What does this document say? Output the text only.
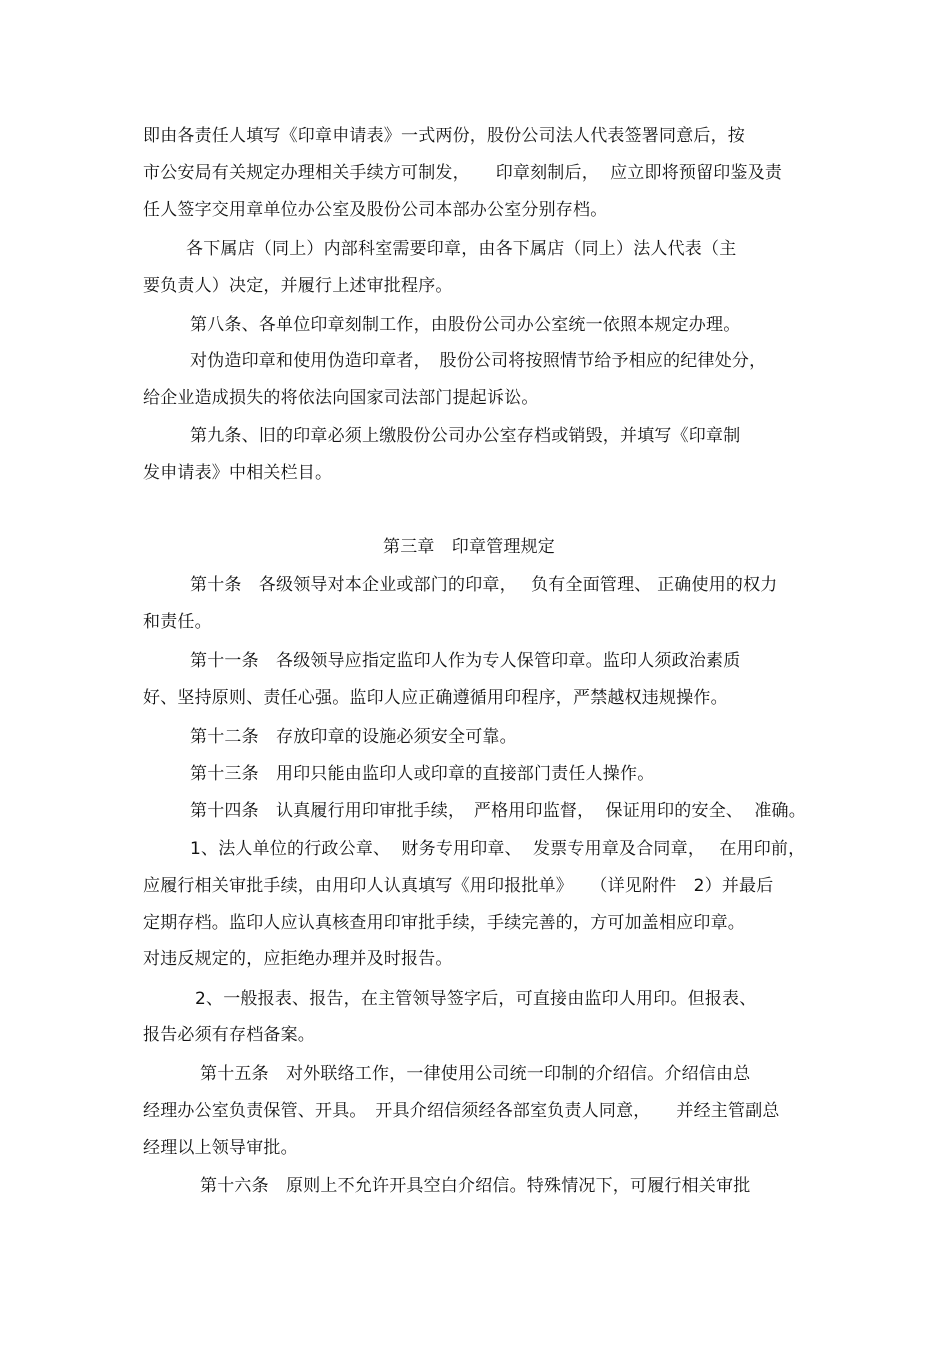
即由各责任人填写《印章申请表》一式两份，股份公司法人代表签署同意后，按
市公安局有关规定办理相关手续方可制发，　　印章刻制后，  应立即将预留印鉴及责
任人签字交用章单位办公室及股份公司本部办公室分别存档。
各下属店（同上）内部科室需要印章，由各下属店（同上）法人代表（主
要负责人）决定，并履行上述审批程序。
第八条、各单位印章刻制工作，由股份公司办公室统一依照本规定办理。
对伪造印章和使用伪造印章者，　股份公司将按照情节给予相应的纪律处分，
给企业造成损失的将依法向国家司法部门提起诉讼。
第九条、旧的印章必须上缴股份公司办公室存档或销毁，并填写《印章制
发申请表》中相关栏目。
第三章　印章管理规定
第十条　各级领导对本企业或部门的印章，　 负有全面管理、 正确使用的权力
和责任。
第十一条　各级领导应指定监印人作为专人保管印章。监印人须政治素质
好、坚持原则、责任心强。监印人应正确遵循用印程序，严禁越权违规操作。
第十二条　存放印章的设施必须安全可靠。
第十三条　用印只能由监印人或印章的直接部门责任人操作。
第十四条　认真履行用印审批手续，　严格用印监督，  保证用印的安全、  准确。
1、法人单位的行政公章、  财务专用印章、  发票专用章及合同章，　 在用印前，
应履行相关审批手续，由用印人认真填写《用印报批单》　　（详见附件　2）并最后
定期存档。监印人应认真核查用印审批手续，手续完善的，方可加盖相应印章。
对违反规定的，应拒绝办理并及时报告。
2、一般报表、报告，在主管领导签字后，可直接由监印人用印。但报表、
报告必须有存档备案。
第十五条　对外联络工作，一律使用公司统一印制的介绍信。介绍信由总
经理办公室负责保管、开具。　开具介绍信须经各部室负责人同意，　　并经主管副总
经理以上领导审批。
第十六条　原则上不允许开具空白介绍信。特殊情况下，可履行相关审批
